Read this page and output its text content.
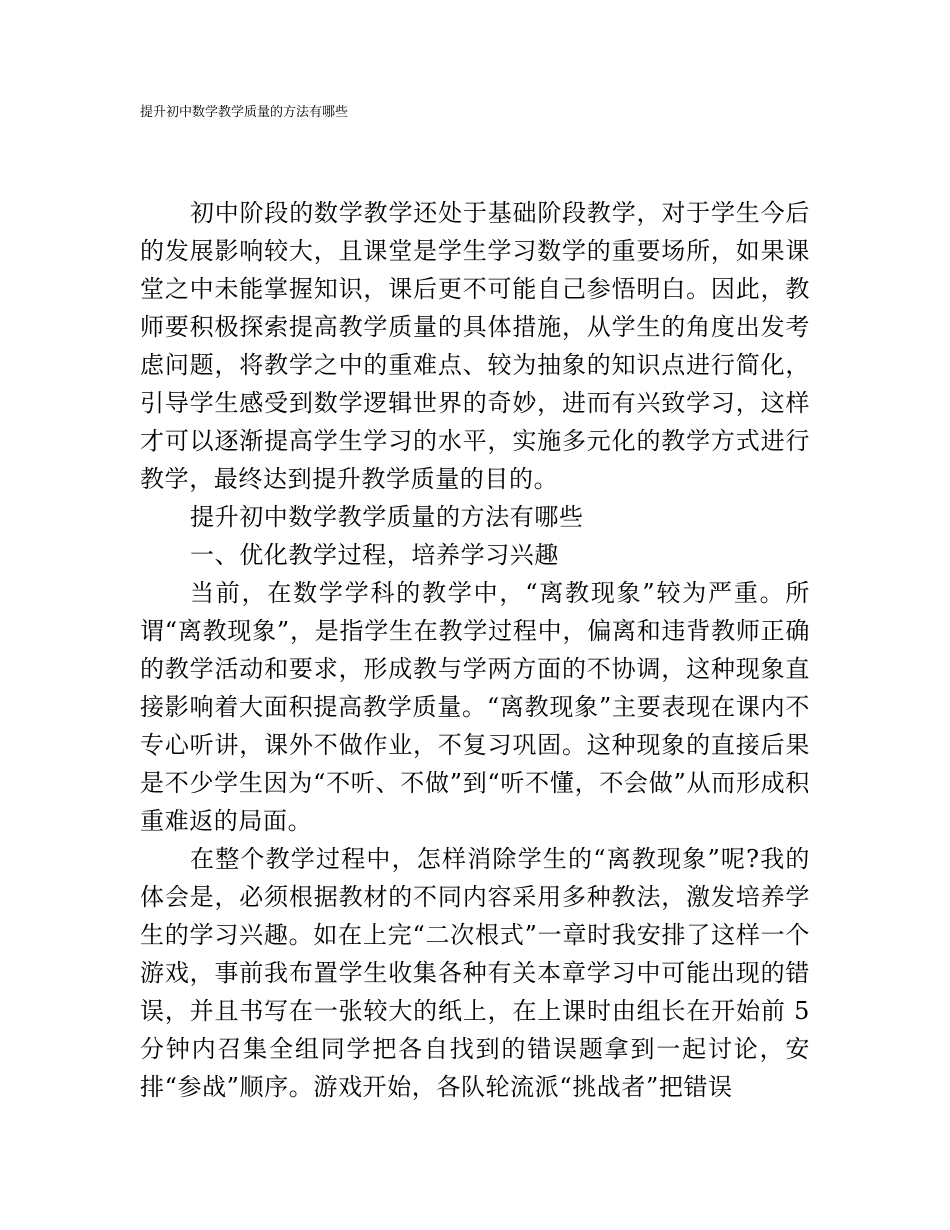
提升初中数学教学质量的方法有哪些

初中阶段的数学教学还处于基础阶段教学，对于学生今后的发展影响较大，且课堂是学生学习数学的重要场所，如果课堂之中未能掌握知识，课后更不可能自己参悟明白。因此，教师要积极探索提高教学质量的具体措施，从学生的角度出发考虑问题，将教学之中的重难点、较为抽象的知识点进行简化，引导学生感受到数学逻辑世界的奇妙，进而有兴致学习，这样才可以逐渐提高学生学习的水平，实施多元化的教学方式进行教学，最终达到提升教学质量的目的。

提升初中数学教学质量的方法有哪些

一、优化教学过程，培养学习兴趣

当前，在数学学科的教学中，“离教现象”较为严重。所谓“离教现象”，是指学生在教学过程中，偏离和违背教师正确的教学活动和要求，形成教与学两方面的不协调，这种现象直接影响着大面积提高教学质量。“离教现象”主要表现在课内不专心听讲，课外不做作业，不复习巩固。这种现象的直接后果是不少学生因为“不听、不做”到“听不懂，不会做”从而形成积重难返的局面。

在整个教学过程中，怎样消除学生的“离教现象”呢?我的体会是，必须根据教材的不同内容采用多种教法，激发培养学生的学习兴趣。如在上完“二次根式”一章时我安排了这样一个游戏，事前我布置学生收集各种有关本章学习中可能出现的错误，并且书写在一张较大的纸上，在上课时由组长在开始前 5 分钟内召集全组同学把各自找到的错误题拿到一起讨论，安排“参战”顺序。游戏开始，各队轮流派“挑战者”把错误
